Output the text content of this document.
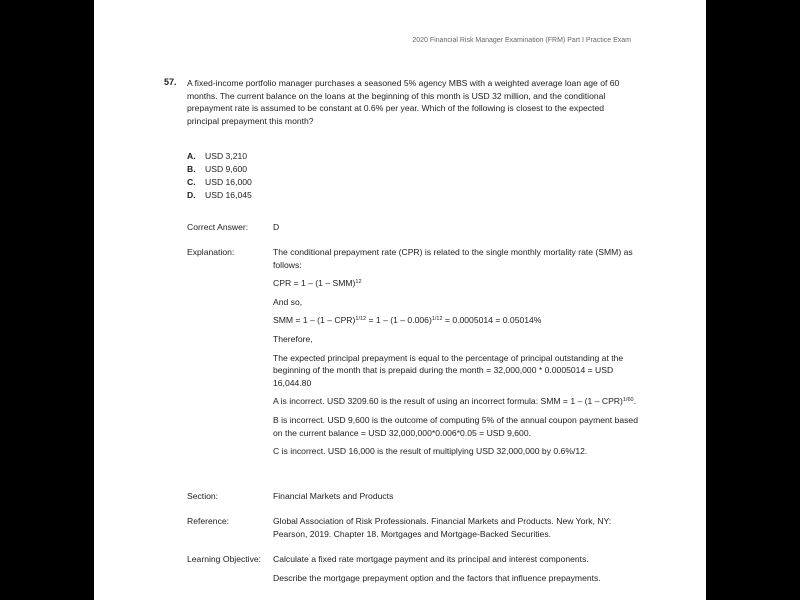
2020 Financial Risk Manager Examination (FRM) Part I Practice Exam
57. A fixed-income portfolio manager purchases a seasoned 5% agency MBS with a weighted average loan age of 60 months. The current balance on the loans at the beginning of this month is USD 32 million, and the conditional prepayment rate is assumed to be constant at 0.6% per year. Which of the following is closest to the expected principal prepayment this month?
A.	USD 3,210
B.	USD 9,600
C.	USD 16,000
D.	USD 16,045
Correct Answer:	D
Explanation:	The conditional prepayment rate (CPR) is related to the single monthly mortality rate (SMM) as follows:

CPR = 1 – (1 – SMM)$^{12}$

And so,

SMM = 1 – (1 – CPR)$^{1/12}$ = 1 – (1 – 0.006)$^{1/12}$ = 0.0005014 = 0.05014%

Therefore,

The expected principal prepayment is equal to the percentage of principal outstanding at the beginning of the month that is prepaid during the month = 32,000,000 * 0.0005014 = USD 16,044.80

A is incorrect. USD 3209.60 is the result of using an incorrect formula: SMM = 1 – (1 – CPR)$^{1/60}$.

B is incorrect. USD 9,600 is the outcome of computing 5% of the annual coupon payment based on the current balance = USD 32,000,000*0.006*0.05 = USD 9,600.

C is incorrect. USD 16,000 is the result of multiplying USD 32,000,000 by 0.6%/12.

Section:	Financial Markets and Products
Reference:	Global Association of Risk Professionals. Financial Markets and Products. New York, NY: Pearson, 2019. Chapter 18. Mortgages and Mortgage-Backed Securities.
Learning Objective:	Calculate a fixed rate mortgage payment and its principal and interest components.

Describe the mortgage prepayment option and the factors that influence prepayments.
